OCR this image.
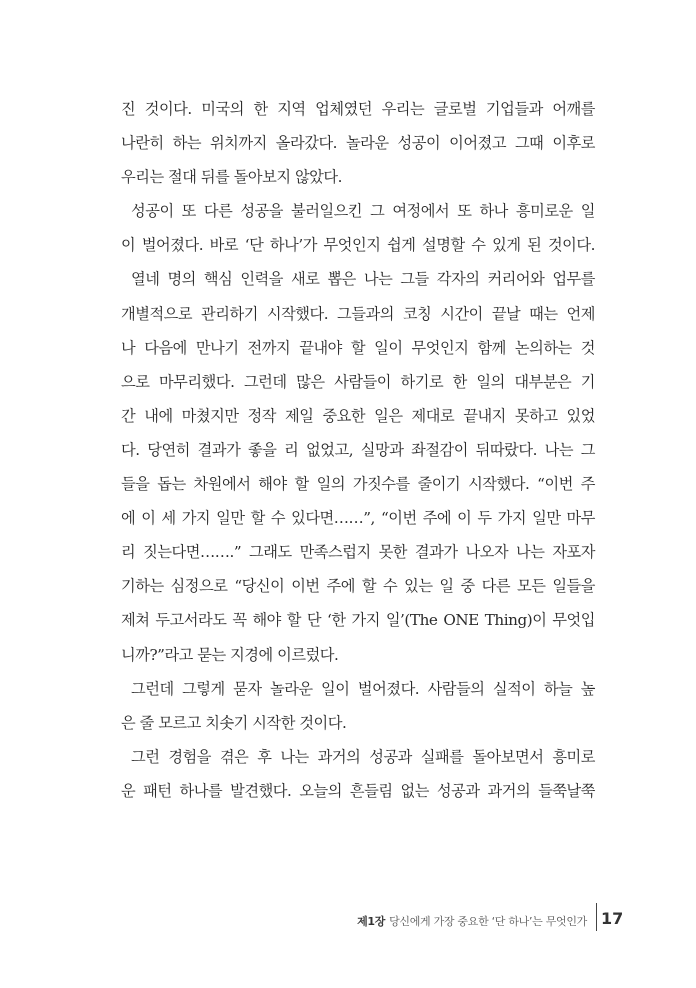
진 것이다. 미국의 한 지역 업체였던 우리는 글로벌 기업들과 어깨를
나란히 하는 위치까지 올라갔다. 놀라운 성공이 이어졌고 그때 이후로
우리는 절대 뒤를 돌아보지 않았다.
성공이 또 다른 성공을 불러일으킨 그 여정에서 또 하나 흥미로운 일
이 벌어졌다. 바로 ‘단 하나’가 무엇인지 쉽게 설명할 수 있게 된 것이다.
열네 명의 핵심 인력을 새로 뽑은 나는 그들 각자의 커리어와 업무를
개별적으로 관리하기 시작했다. 그들과의 코칭 시간이 끝날 때는 언제
나 다음에 만나기 전까지 끝내야 할 일이 무엇인지 함께 논의하는 것
으로 마무리했다. 그런데 많은 사람들이 하기로 한 일의 대부분은 기
간 내에 마쳤지만 정작 제일 중요한 일은 제대로 끝내지 못하고 있었
다. 당연히 결과가 좋을 리 없었고, 실망과 좌절감이 뒤따랐다. 나는 그
들을 돕는 차원에서 해야 할 일의 가짓수를 줄이기 시작했다. “이번 주
에 이 세 가지 일만 할 수 있다면……”, “이번 주에 이 두 가지 일만 마무
리 짓는다면…….” 그래도 만족스럽지 못한 결과가 나오자 나는 자포자
기하는 심정으로 “당신이 이번 주에 할 수 있는 일 중 다른 모든 일들을
제쳐 두고서라도 꼭 해야 할 단 ‘한 가지 일’(The ONE Thing)이 무엇입
니까?”라고 묻는 지경에 이르렀다.
그런데 그렇게 묻자 놀라운 일이 벌어졌다. 사람들의 실적이 하늘 높
은 줄 모르고 치솟기 시작한 것이다.
그런 경험을 겪은 후 나는 과거의 성공과 실패를 돌아보면서 흥미로
운 패턴 하나를 발견했다. 오늘의 흔들림 없는 성공과 과거의 들쭉날쭉
제1장 당신에게 가장 중요한 ‘단 하나’는 무엇인가 17
